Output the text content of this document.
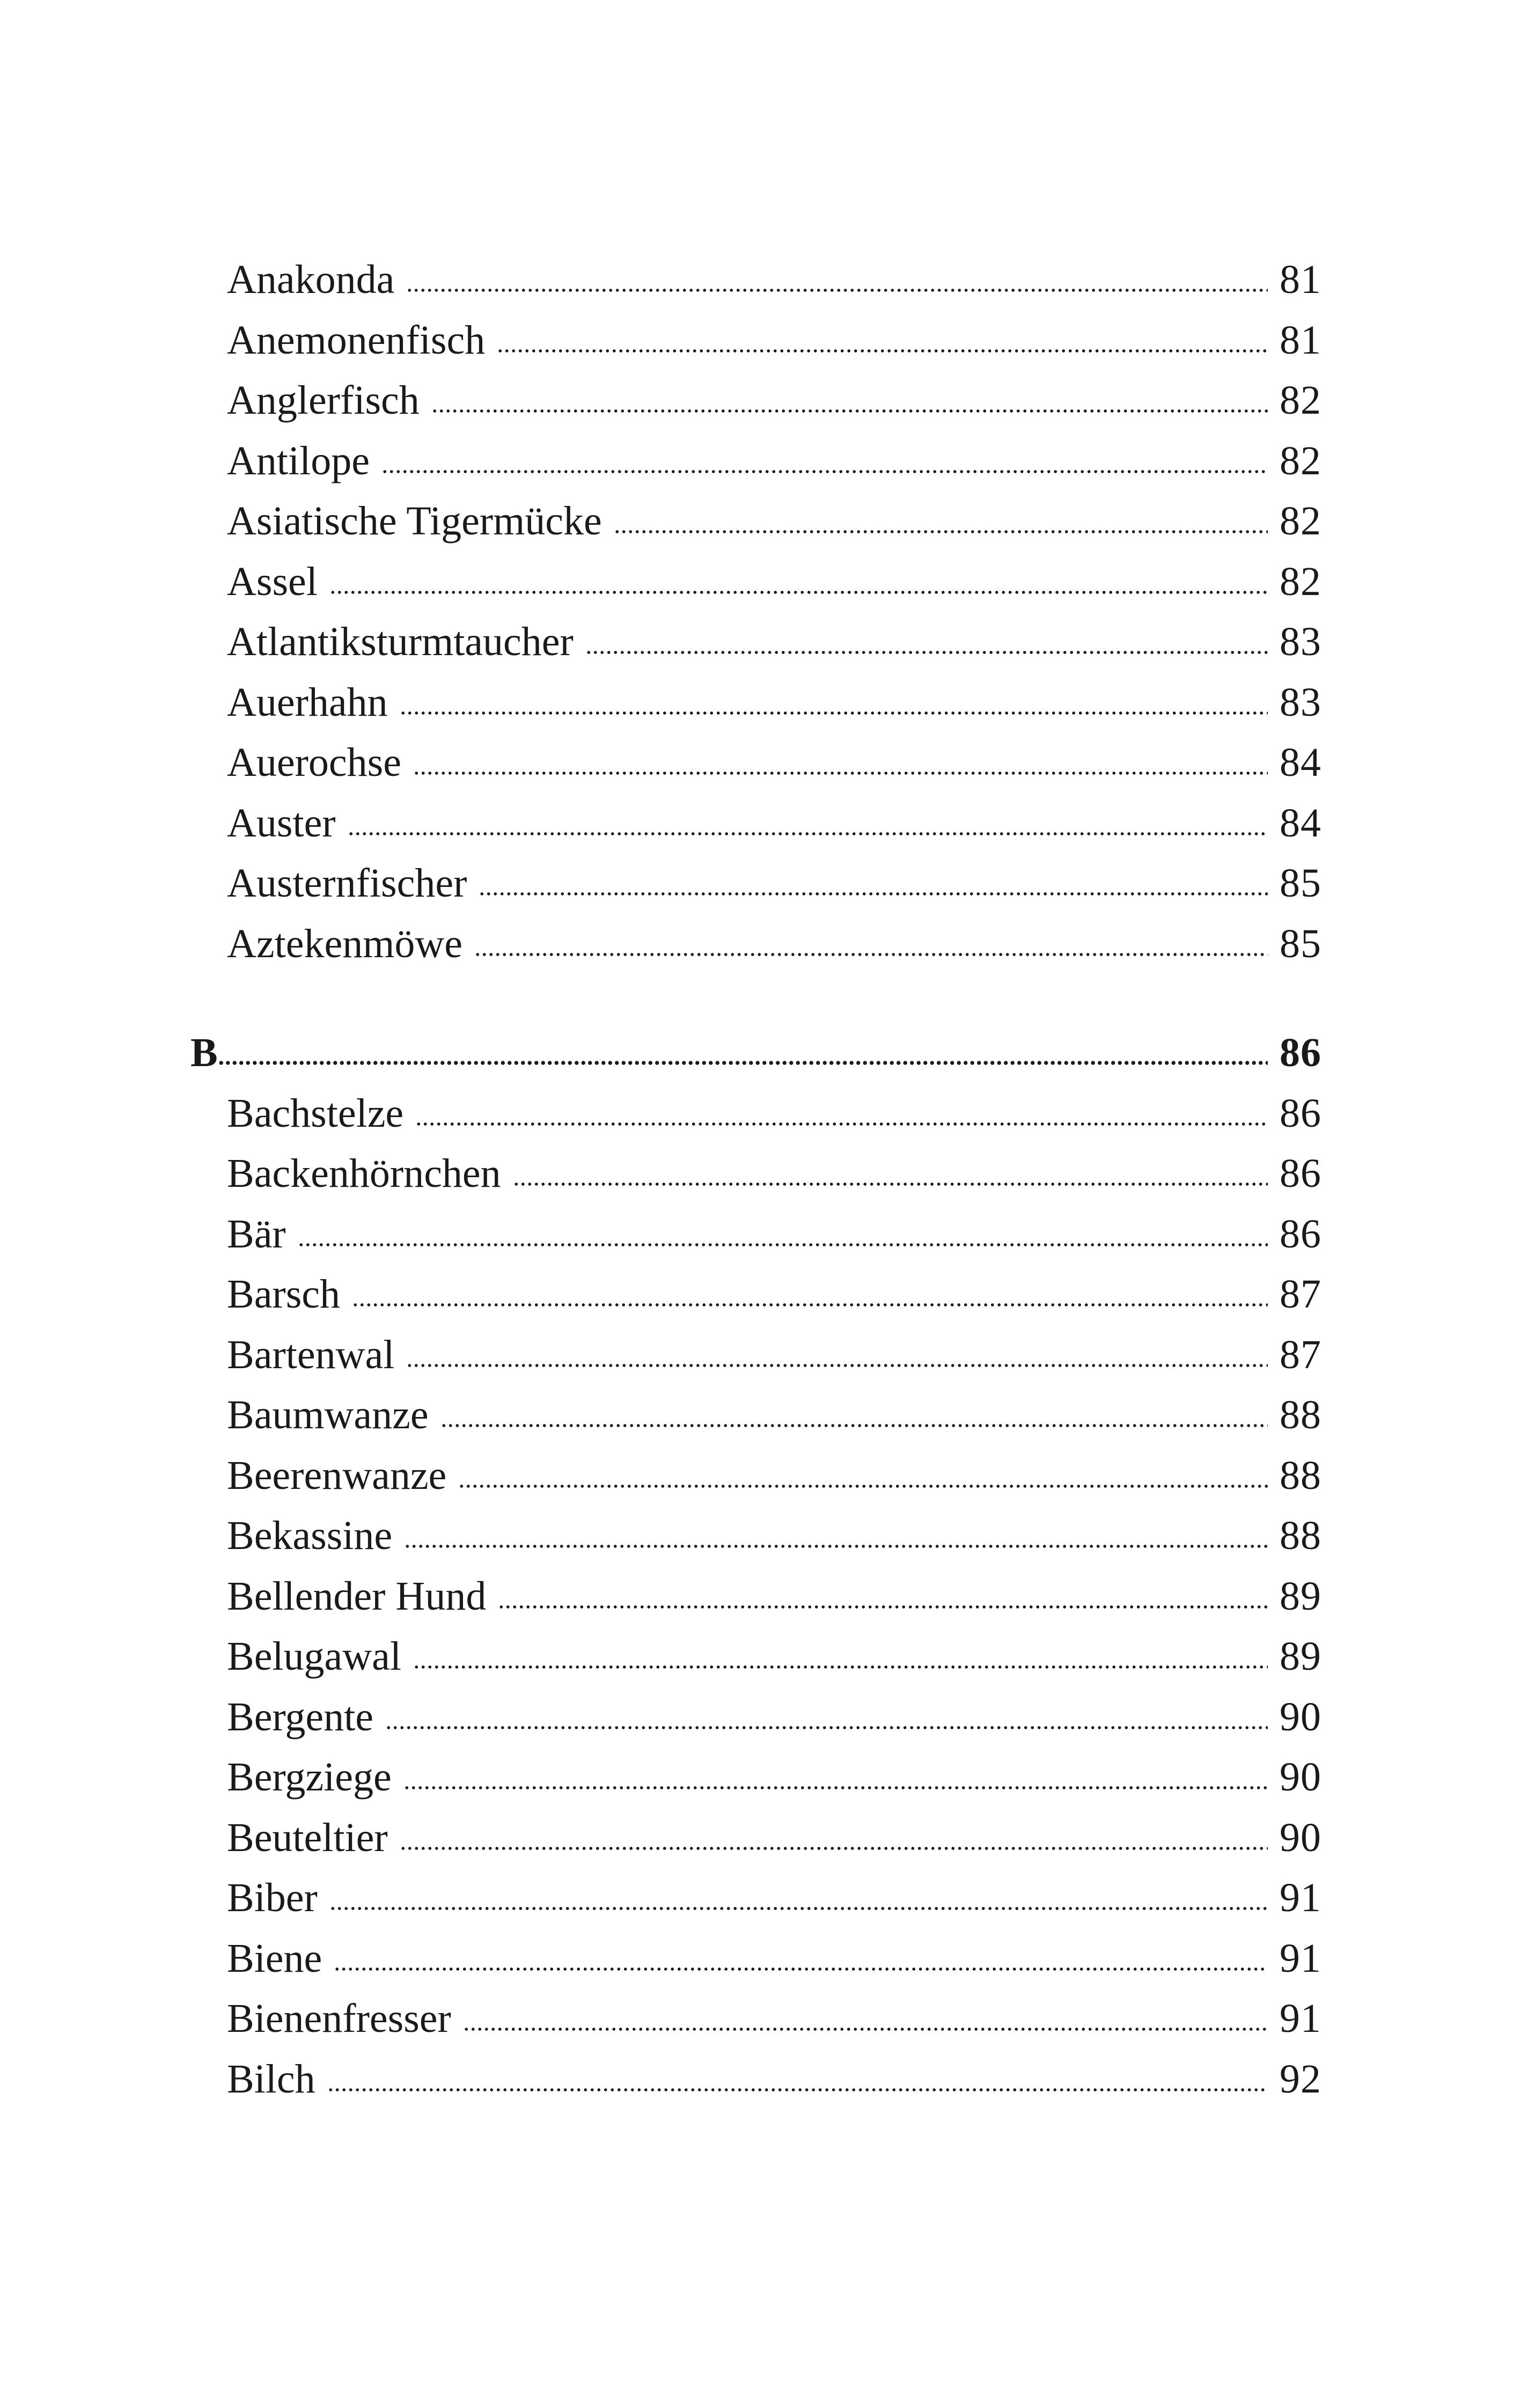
Anakonda	81
Anemonenfisch	81
Anglerfisch	82
Antilope	82
Asiatische Tigermücke	82
Assel	82
Atlantiksturmtaucher	83
Auerhahn	83
Auerochse	84
Auster	84
Austernfischer	85
Aztekenmöwe	85
B	86
Bachstelze	86
Backenhörnchen	86
Bär	86
Barsch	87
Bartenwal	87
Baumwanze	88
Beerenwanze	88
Bekassine	88
Bellender Hund	89
Belugawal	89
Bergente	90
Bergziege	90
Beuteltier	90
Biber	91
Biene	91
Bienenfresser	91
Bilch	92
